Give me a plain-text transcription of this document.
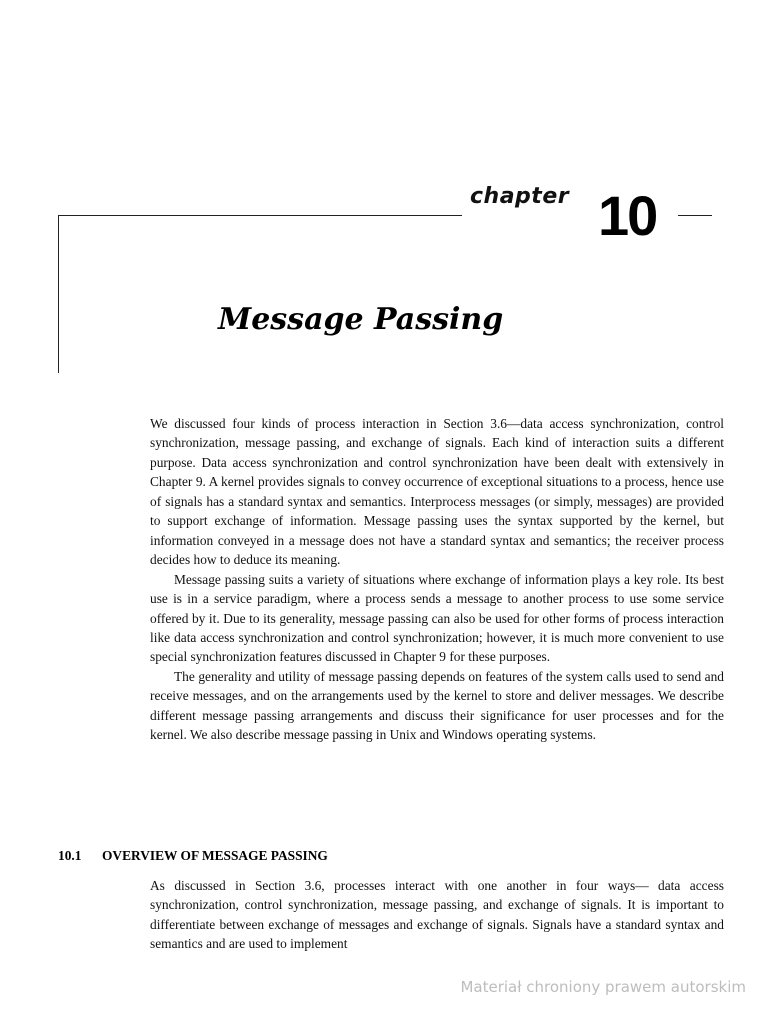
chapter 10
Message Passing

We discussed four kinds of process interaction in Section 3.6—data access synchronization, control synchronization, message passing, and exchange of signals. Each kind of interaction suits a different purpose. Data access synchronization and control synchronization have been dealt with extensively in Chapter 9. A kernel provides signals to convey occurrence of exceptional situations to a process, hence use of signals has a standard syntax and semantics. Interprocess messages (or simply, messages) are provided to support exchange of information. Message passing uses the syntax supported by the kernel, but information conveyed in a message does not have a standard syntax and semantics; the receiver process decides how to deduce its meaning.

Message passing suits a variety of situations where exchange of information plays a key role. Its best use is in a service paradigm, where a process sends a message to another process to use some service offered by it. Due to its generality, message passing can also be used for other forms of process interaction like data access synchronization and control synchronization; however, it is much more convenient to use special synchronization features discussed in Chapter 9 for these purposes.

The generality and utility of message passing depends on features of the system calls used to send and receive messages, and on the arrangements used by the kernel to store and deliver messages. We describe different message passing arrangements and discuss their significance for user processes and for the kernel. We also describe message passing in Unix and Windows operating systems.

10.1 OVERVIEW OF MESSAGE PASSING

As discussed in Section 3.6, processes interact with one another in four ways— data access synchronization, control synchronization, message passing, and exchange of signals. It is important to differentiate between exchange of messages and exchange of signals. Signals have a standard syntax and semantics and are used to implement

Materiał chroniony prawem autorskim
